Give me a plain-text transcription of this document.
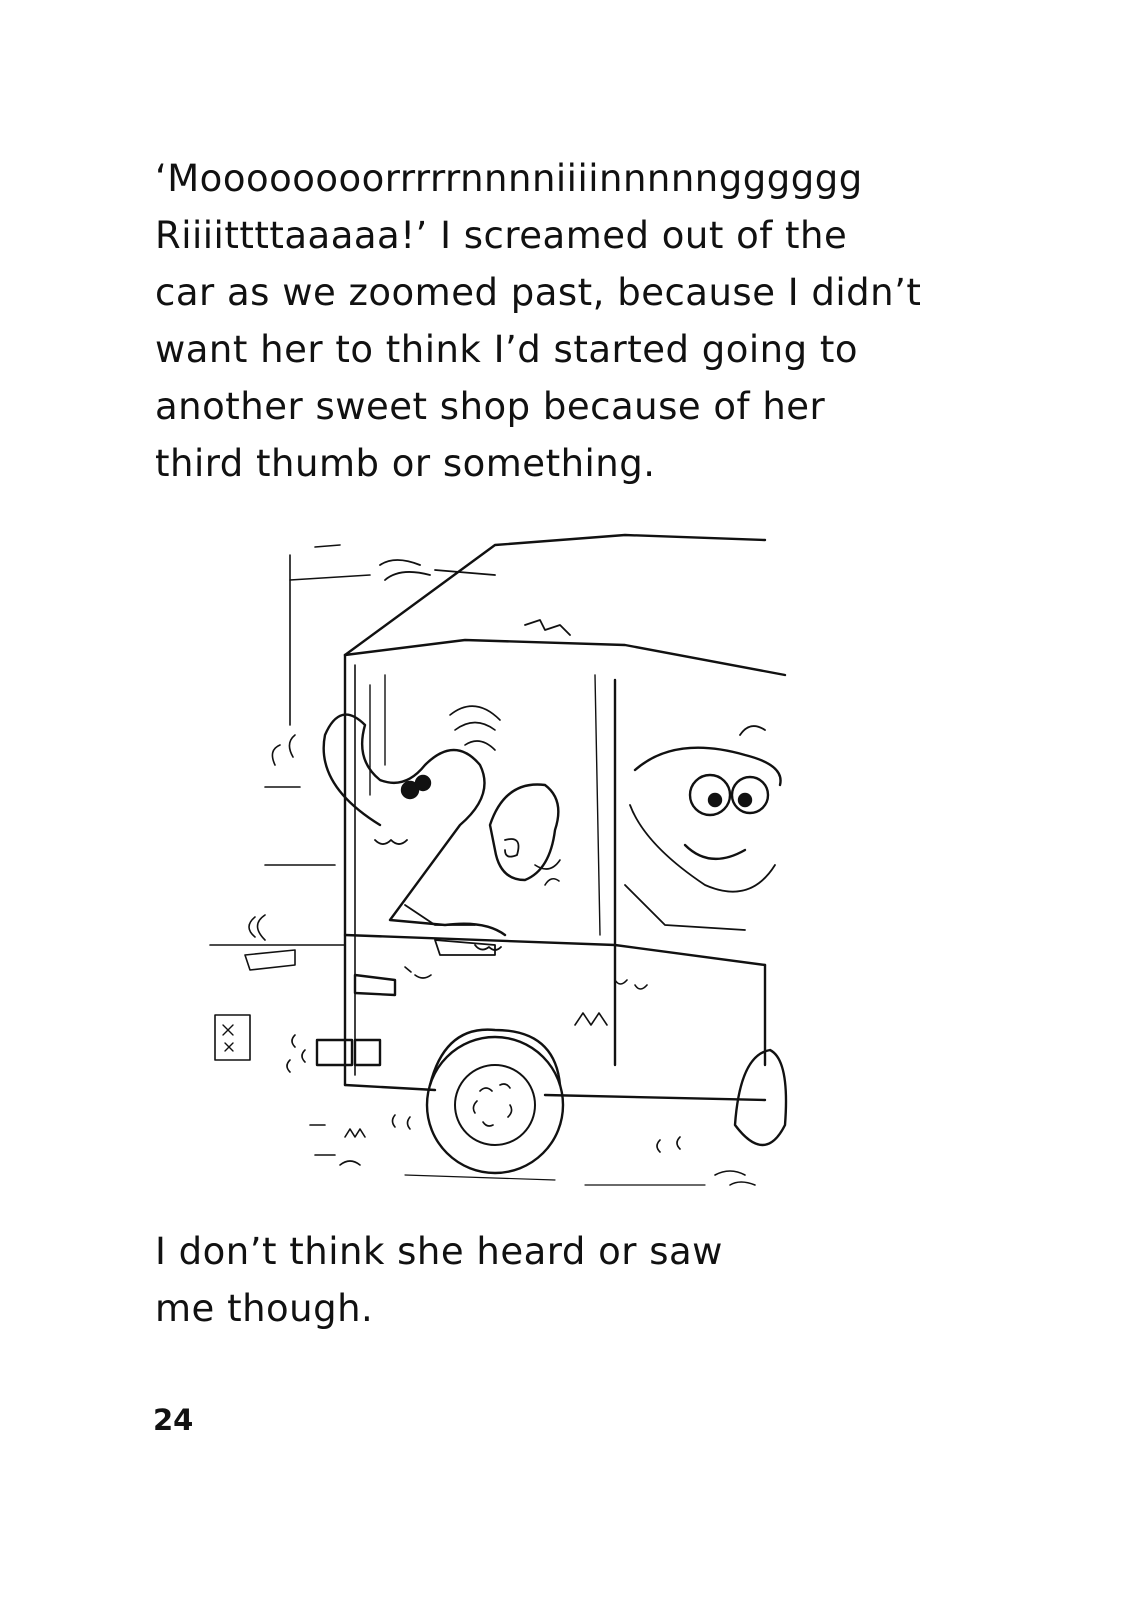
‘Moooooooorrrrrnnnniiiinnnnngggggg
Riiiittttaaaaa!’ I screamed out of the
car as we zoomed past, because I didn’t
want her to think I’d started going to
another sweet shop because of her
third thumb or something.

I don’t think she heard or saw
me though.

24
